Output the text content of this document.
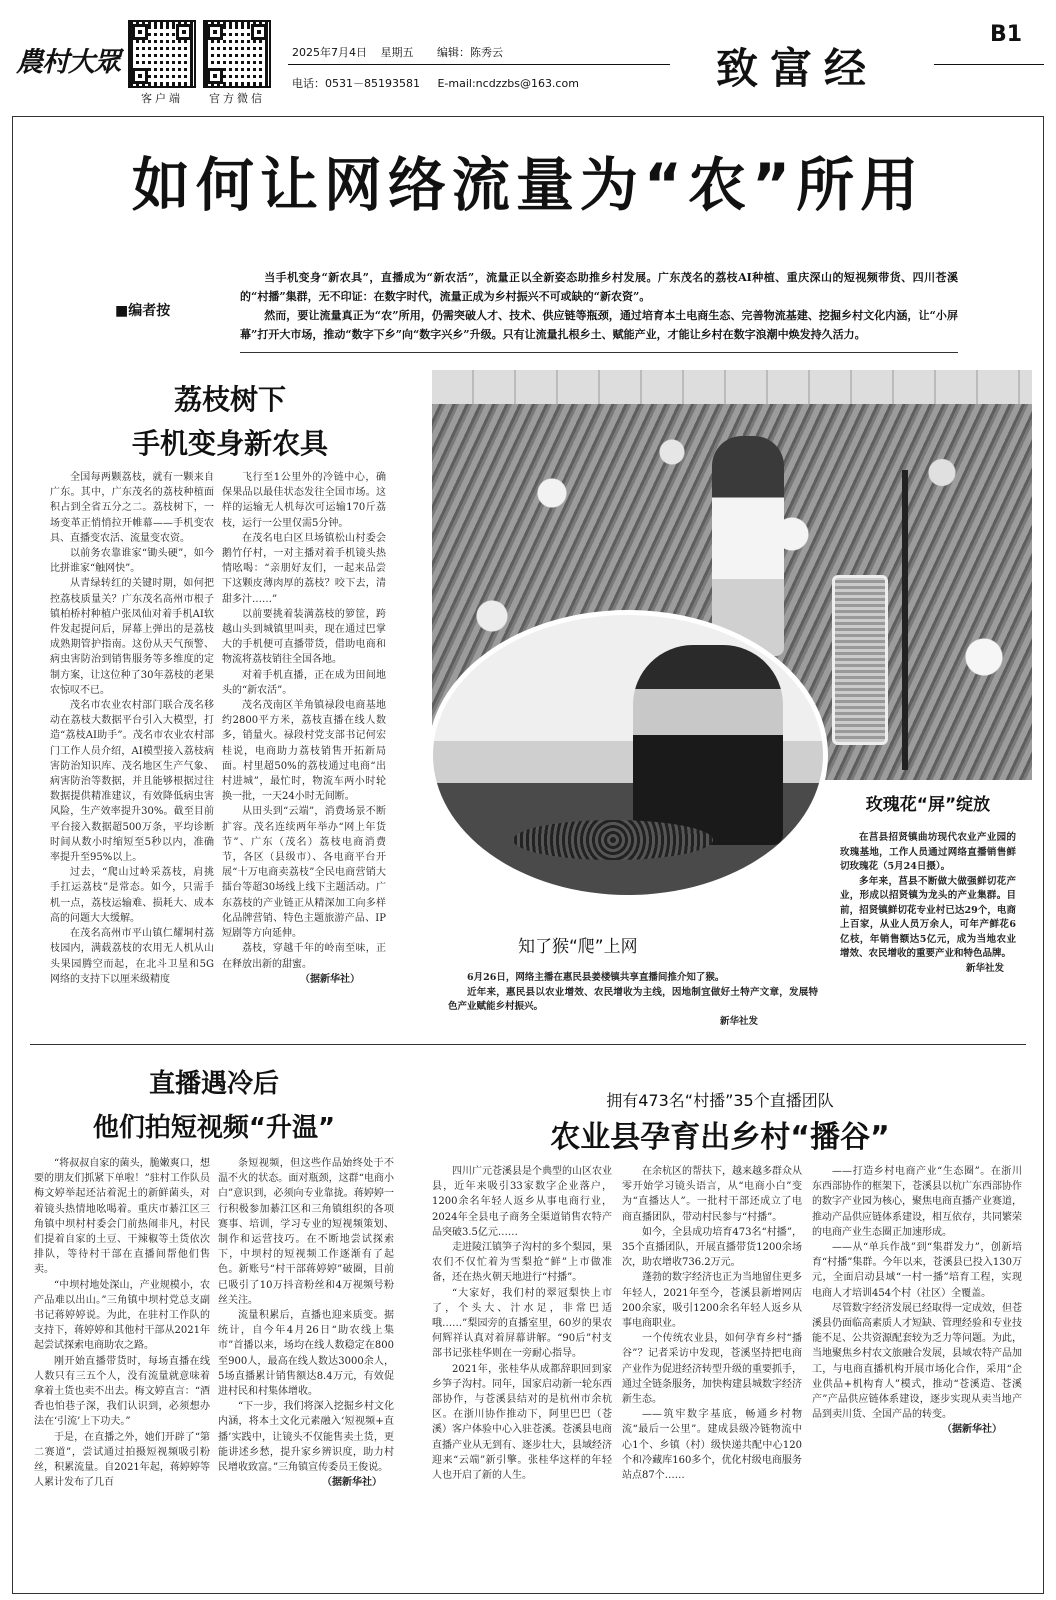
農村大眾
客户端	官方微信
2025年7月4日 星期五 编辑：陈秀云
电话：0531－85193581 E-mail:ncdzzbs@163.com	致富经
B1
如何让网络流量为“农”所用
■编者按

当手机变身“新农具”，直播成为“新农活”，流量正以全新姿态助推乡村发展。广东茂名的荔枝AI种植、重庆深山的短视频带货、四川苍溪的“村播”集群，无不印证：在数字时代，流量正成为乡村振兴不可或缺的“新农资”。

然而，要让流量真正为“农”所用，仍需突破人才、技术、供应链等瓶颈，通过培育本土电商生态、完善物流基建、挖掘乡村文化内涵，让“小屏幕”打开大市场，推动“数字下乡”向“数字兴乡”升级。只有让流量扎根乡土、赋能产业，才能让乡村在数字浪潮中焕发持久活力。

荔枝树下
手机变身新农具

全国每两颗荔枝，就有一颗来自广东。其中，广东茂名的荔枝种植面积占到全省五分之二。荔枝树下，一场变革正悄悄拉开帷幕——手机变农具、直播变农活、流量变农资。

以前务农靠谁家“锄头硬”，如今比拼谁家“触网快”。

从青绿转红的关键时期，如何把控荔枝质量关？广东茂名高州市根子镇柏桥村种植户张凤仙对着手机AI软件发起提问后，屏幕上弹出的是荔枝成熟期管护指南。这份从天气预警、病虫害防治到销售服务等多维度的定制方案，让这位种了30年荔枝的老果农惊叹不已。

茂名市农业农村部门联合茂名移动在荔枝大数据平台引入大模型，打造“荔枝AI助手”。茂名市农业农村部门工作人员介绍，AI模型接入荔枝病害防治知识库、茂名地区生产气象、病害防治等数据，并且能够根据过往数据提供精准建议，有效降低病虫害风险，生产效率提升30%。截至目前平台接入数据超500万条，平均诊断时间从数小时缩短至5秒以内，准确率提升至95%以上。

过去，“爬山过岭采荔枝，肩挑手扛运荔枝”是常态。如今，只需手机一点，荔枝运输难、损耗大、成本高的问题大大缓解。

在茂名高州市平山镇仁耀垌村荔枝园内，满载荔枝的农用无人机从山头果园腾空而起，在北斗卫星和5G网络的支持下以厘米级精度

飞行至1公里外的冷链中心，确保果品以最佳状态发往全国市场。这样的运输无人机每次可运输170斤荔枝，运行一公里仅需5分钟。

在茂名电白区旦场镇松山村委会鹅竹仔村，一对主播对着手机镜头热情吆喝：“亲朋好友们，一起来品尝下这颗皮薄肉厚的荔枝？咬下去，清甜多汁……”

以前要挑着装满荔枝的箩筐，跨越山头到城镇里叫卖，现在通过巴掌大的手机便可直播带货，借助电商和物流将荔枝销往全国各地。

对着手机直播，正在成为田间地头的“新农活”。

茂名茂南区羊角镇禄段电商基地约2800平方米，荔枝直播在线人数多，销量火。禄段村党支部书记何宏桂说，电商助力荔枝销售开拓新局面。村里超50%的荔枝通过电商“出村进城”，最忙时，物流车两小时轮换一批，一天24小时无间断。

从田头到“云端”，消费场景不断扩容。茂名连续两年举办“网上年货节”、广东（茂名）荔枝电商消费节，各区（县级市）、各电商平台开展“十万电商卖荔枝”全民电商营销大擂台等超30场线上线下主题活动。广东荔枝的产业链正从精深加工向多样化品牌营销、特色主题旅游产品、IP短剧等方向延伸。

荔枝，穿越千年的岭南至味，正在释放出新的甜蜜。

（据新华社）

玫瑰花“屏”绽放

在莒县招贤镇曲坊现代农业产业园的玫瑰基地，工作人员通过网络直播销售鲜切玫瑰花（5月24日摄）。

多年来，莒县不断做大做强鲜切花产业，形成以招贤镇为龙头的产业集群。目前，招贤镇鲜切花专业村已达29个，电商上百家，从业人员万余人，可年产鲜花6亿枝，年销售额达5亿元，成为当地农业增效、农民增收的重要产业和特色品牌。

新华社发

知了猴“爬”上网

6月26日，网络主播在惠民县姜楼镇共享直播间推介知了猴。

近年来，惠民县以农业增效、农民增收为主线，因地制宜做好土特产文章，发展特色产业赋能乡村振兴。

新华社发

直播遇冷后
他们拍短视频“升温”

“将叔叔自家的菌头，脆嫩爽口，想要的朋友们抓紧下单啦！”驻村工作队员梅文婷举起还沾着泥土的新鲜菌头，对着镜头热情地吆喝着。重庆市綦江区三角镇中坝村村委会门前热闹非凡，村民们提着自家的土豆、干辣椒等土货依次排队，等待村干部在直播间帮他们售卖。

“中坝村地处深山，产业规模小，农产品难以出山。”三角镇中坝村党总支副书记蒋婷婷说。为此，在驻村工作队的支持下，蒋婷婷和其他村干部从2021年起尝试探索电商助农之路。

刚开始直播带货时，每场直播在线人数只有三五个人，没有流量就意味着拿着土货也卖不出去。梅文婷直言：“酒香也怕巷子深，我们认识到，必须想办法在‘引流’上下功夫。”

于是，在直播之外，她们开辟了“第二赛道”，尝试通过拍摄短视频吸引粉丝，积累流量。自2021年起，蒋婷婷等人累计发布了几百

条短视频，但这些作品始终处于不温不火的状态。面对瓶颈，这群“电商小白”意识到，必须向专业靠拢。蒋婷婷一行积极参加綦江区和三角镇组织的各项赛事、培训，学习专业的短视频策划、制作和运营技巧。在不断地尝试探索下，中坝村的短视频工作逐渐有了起色。新账号“村干部蒋婷婷”破圈，目前已吸引了10万抖音粉丝和4万视频号粉丝关注。

流量积累后，直播也迎来质变。据统计，自今年4月26日“助农线上集市”首播以来，场均在线人数稳定在800至900人，最高在线人数达3000余人，5场直播累计销售额达8.4万元，有效促进村民和村集体增收。

“下一步，我们将深入挖掘乡村文化内涵，将本土文化元素融入‘短视频+直播’实践中，让镜头不仅能售卖土货，更能讲述乡愁，提升家乡辨识度，助力村民增收致富。”三角镇宣传委员王俊说。

（据新华社）

拥有473名“村播”35个直播团队
农业县孕育出乡村“播谷”

四川广元苍溪县是个典型的山区农业县，近年来吸引33家数字企业落户，1200余名年轻人返乡从事电商行业，2024年全县电子商务全渠道销售农特产品突破3.5亿元……

走进陵江镇笋子沟村的多个梨园，果农们不仅忙着为雪梨抢“鲜”上市做准备，还在热火朝天地进行“村播”。

“大家好，我们村的翠冠梨快上市了，个头大、汁水足，非常巴适哦……”梨园旁的直播室里，60岁的果农何辉祥认真对着屏幕讲解。“90后”村支部书记张桂华则在一旁耐心指导。

2021年，张桂华从成都辞职回到家乡笋子沟村。同年，国家启动新一轮东西部协作，与苍溪县结对的是杭州市余杭区。在浙川协作推动下，阿里巴巴（苍溪）客户体验中心入驻苍溪。苍溪县电商直播产业从无到有、逐步壮大，县域经济迎来“云端”新引擎。张桂华这样的年轻人也开启了新的人生。

在余杭区的帮扶下，越来越多群众从零开始学习镜头语言，从“电商小白”变为“直播达人”。一批村干部还成立了电商直播团队，带动村民参与“村播”。

如今，全县成功培育473名“村播”，35个直播团队，开展直播带货1200余场次，助农增收736.2万元。

蓬勃的数字经济也正为当地留住更多年轻人，2021年至今，苍溪县新增网店200余家，吸引1200余名年轻人返乡从事电商职业。

一个传统农业县，如何孕育乡村“播谷”？记者采访中发现，苍溪坚持把电商产业作为促进经济转型升级的重要抓手，通过全链条服务，加快构建县城数字经济新生态。

——筑牢数字基底，畅通乡村物流“最后一公里”。建成县级冷链物流中心1个、乡镇（村）级快递共配中心120个和冷藏库160多个，优化村级电商服务站点87个……

——打造乡村电商产业“生态圈”。在浙川东西部协作的框架下，苍溪县以杭广东西部协作的数字产业园为核心，聚焦电商直播产业赛道，推动产品供应链体系建设，相互依存，共同繁荣的电商产业生态圈正加速形成。

——从“单兵作战”到“集群发力”，创新培育“村播”集群。今年以来，苍溪县已投入130万元，全面启动县域“一村一播”培育工程，实现电商人才培训454个村（社区）全覆盖。

尽管数字经济发展已经取得一定成效，但苍溪县仍面临高素质人才短缺、管理经验和专业技能不足、公共资源配套较为乏力等问题。为此，当地聚焦乡村农文旅融合发展，县域农特产品加工，与电商直播机构开展市场化合作，采用“企业供品+机构育人”模式，推动“苍溪造、苍溪产”产品供应链体系建设，逐步实现从卖当地产品到卖川货、全国产品的转变。

（据新华社）
